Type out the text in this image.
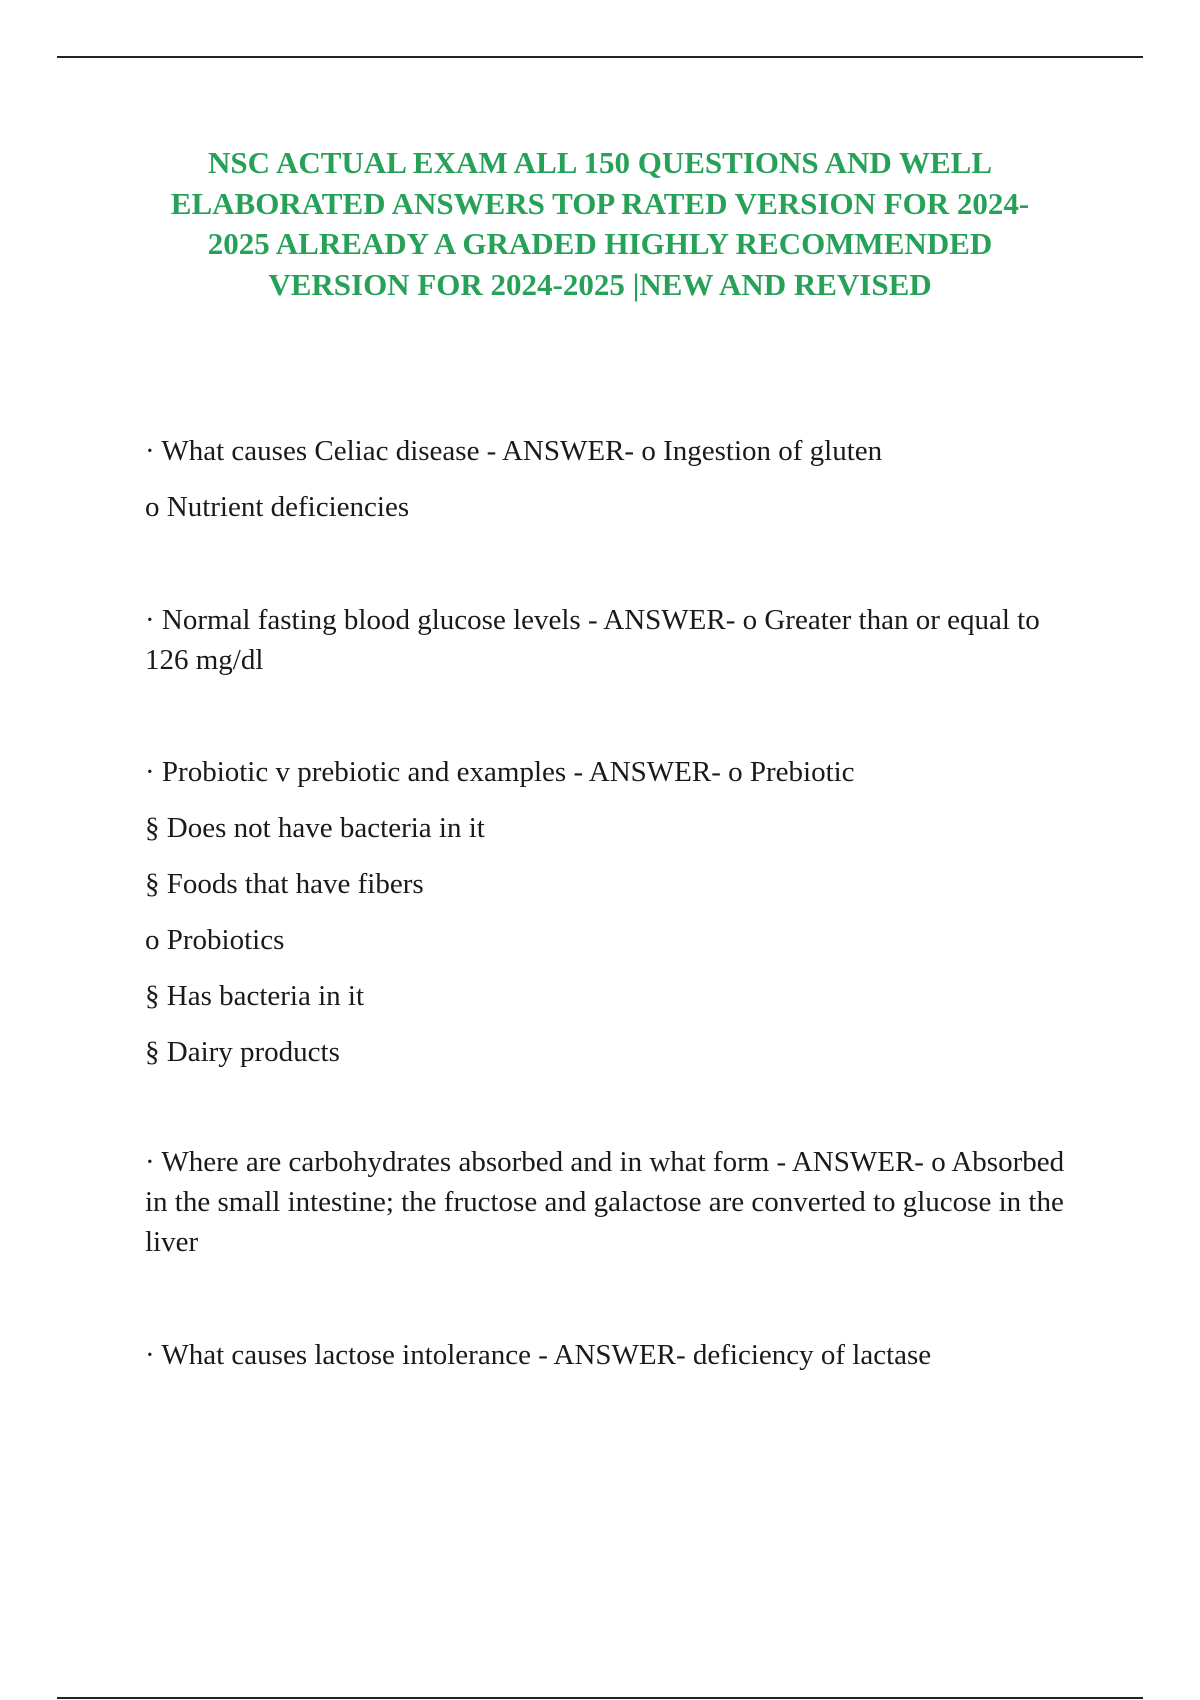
NSC ACTUAL EXAM ALL 150 QUESTIONS AND WELL ELABORATED ANSWERS TOP RATED VERSION FOR 2024-2025 ALREADY A GRADED HIGHLY RECOMMENDED VERSION FOR 2024-2025 |NEW AND REVISED

· What causes Celiac disease - ANSWER- o Ingestion of gluten

o Nutrient deficiencies

· Normal fasting blood glucose levels - ANSWER- o Greater than or equal to 126 mg/dl

· Probiotic v prebiotic and examples - ANSWER- o Prebiotic

§ Does not have bacteria in it

§ Foods that have fibers

o Probiotics

§ Has bacteria in it

§ Dairy products

· Where are carbohydrates absorbed and in what form - ANSWER- o Absorbed in the small intestine; the fructose and galactose are converted to glucose in the liver

· What causes lactose intolerance - ANSWER- deficiency of lactase
